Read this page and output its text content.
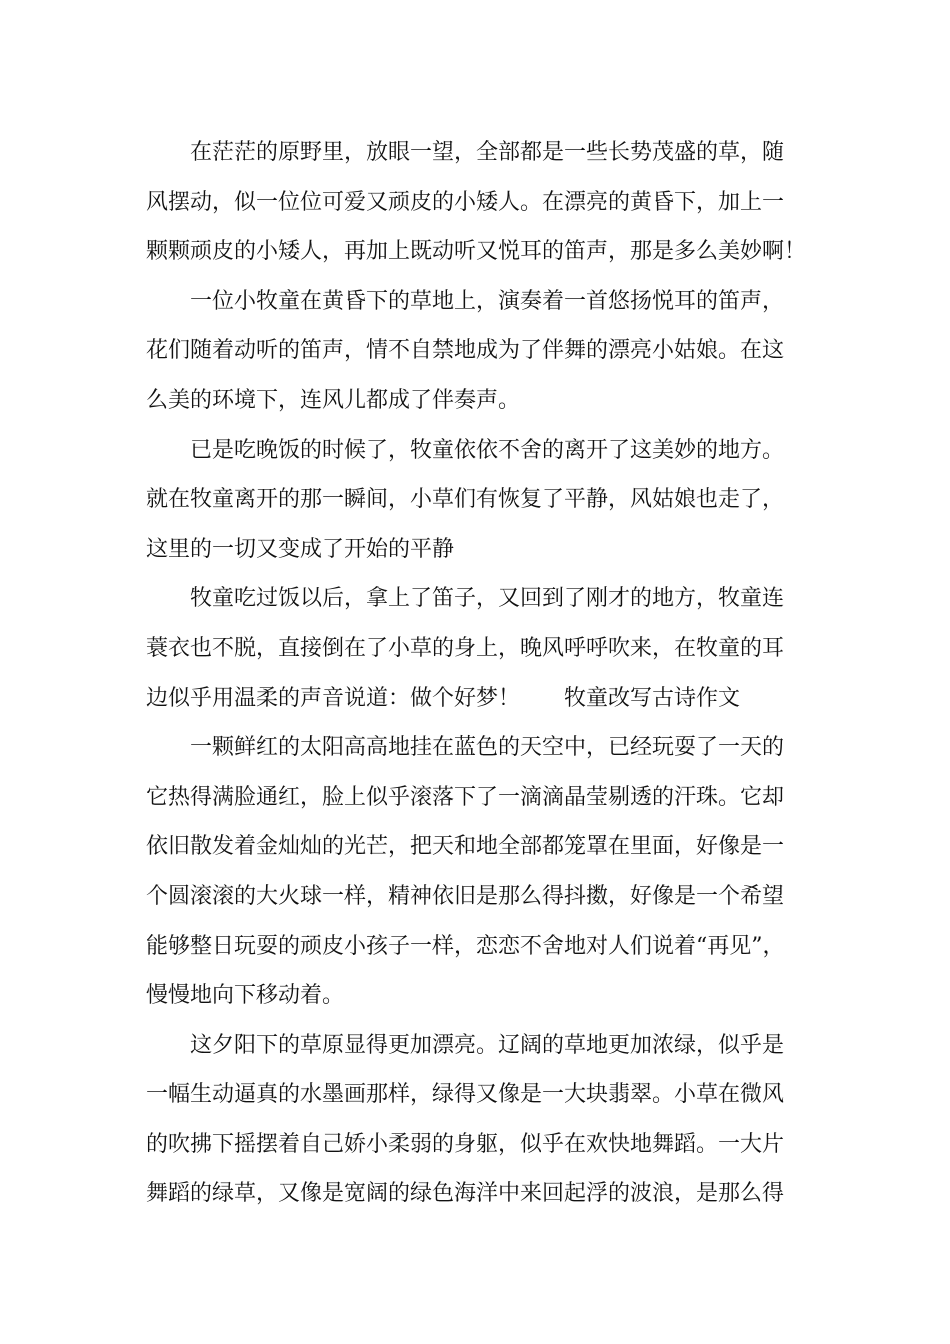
在茫茫的原野里，放眼一望，全部都是一些长势茂盛的草，随
风摆动，似一位位可爱又顽皮的小矮人。在漂亮的黄昏下，加上一
颗颗顽皮的小矮人，再加上既动听又悦耳的笛声，那是多么美妙啊！
一位小牧童在黄昏下的草地上，演奏着一首悠扬悦耳的笛声，
花们随着动听的笛声，情不自禁地成为了伴舞的漂亮小姑娘。在这
么美的环境下，连风儿都成了伴奏声。
已是吃晚饭的时候了，牧童依依不舍的离开了这美妙的地方。
就在牧童离开的那一瞬间，小草们有恢复了平静，风姑娘也走了，
这里的一切又变成了开始的平静
牧童吃过饭以后，拿上了笛子，又回到了刚才的地方，牧童连
蓑衣也不脱，直接倒在了小草的身上，晚风呼呼吹来，在牧童的耳
边似乎用温柔的声音说道：做个好梦！ 牧童改写古诗作文
一颗鲜红的太阳高高地挂在蓝色的天空中，已经玩耍了一天的
它热得满脸通红，脸上似乎滚落下了一滴滴晶莹剔透的汗珠。它却
依旧散发着金灿灿的光芒，把天和地全部都笼罩在里面，好像是一
个圆滚滚的大火球一样，精神依旧是那么得抖擞，好像是一个希望
能够整日玩耍的顽皮小孩子一样，恋恋不舍地对人们说着“再见”，
慢慢地向下移动着。
这夕阳下的草原显得更加漂亮。辽阔的草地更加浓绿，似乎是
一幅生动逼真的水墨画那样，绿得又像是一大块翡翠。小草在微风
的吹拂下摇摆着自己娇小柔弱的身躯，似乎在欢快地舞蹈。一大片
舞蹈的绿草，又像是宽阔的绿色海洋中来回起浮的波浪，是那么得
